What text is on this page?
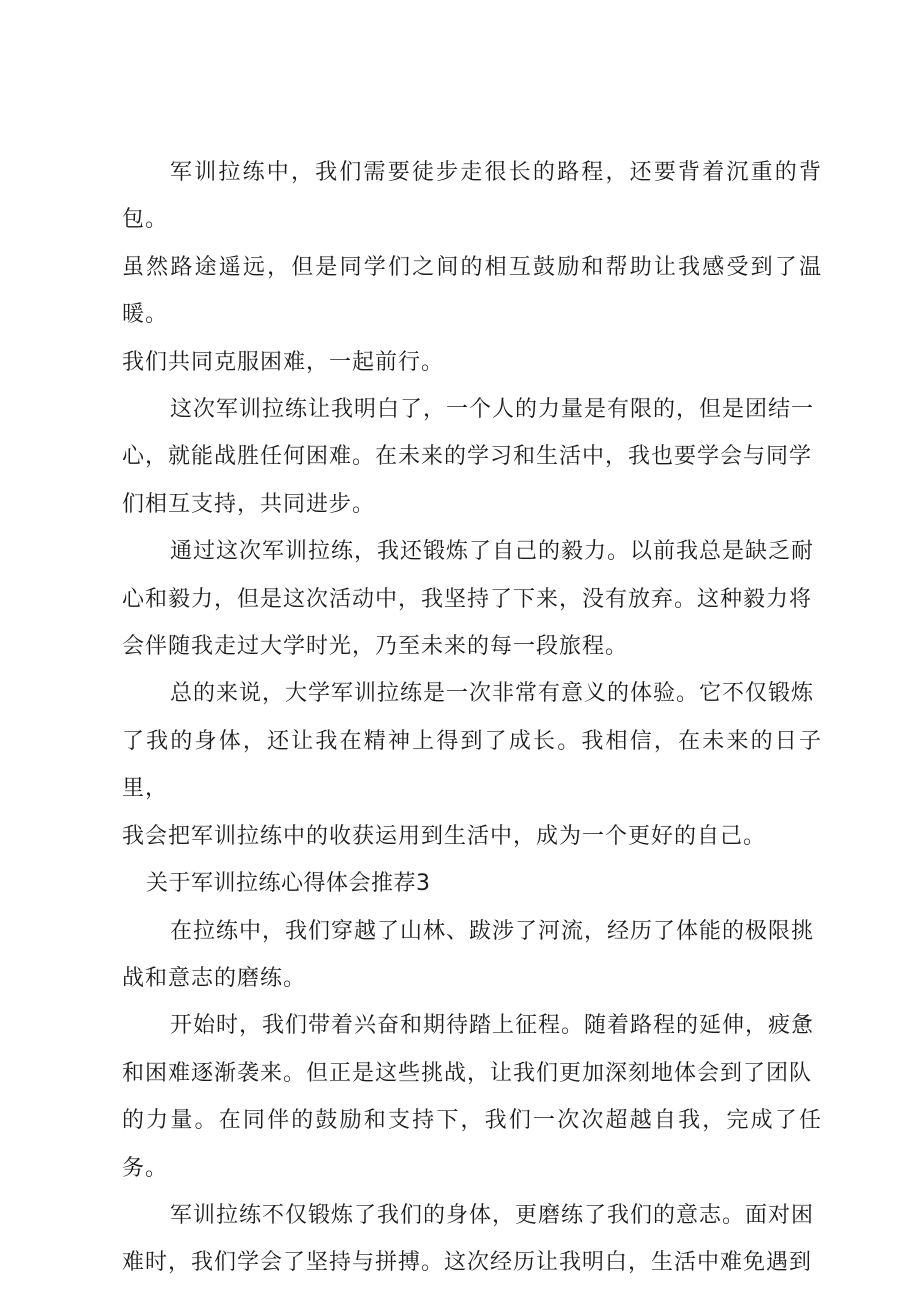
军训拉练中，我们需要徒步走很长的路程，还要背着沉重的背包。
虽然路途遥远，但是同学们之间的相互鼓励和帮助让我感受到了温暖。
我们共同克服困难，一起前行。

这次军训拉练让我明白了，一个人的力量是有限的，但是团结一
心，就能战胜任何困难。在未来的学习和生活中，我也要学会与同学
们相互支持，共同进步。

通过这次军训拉练，我还锻炼了自己的毅力。以前我总是缺乏耐
心和毅力，但是这次活动中，我坚持了下来，没有放弃。这种毅力将
会伴随我走过大学时光，乃至未来的每一段旅程。

总的来说，大学军训拉练是一次非常有意义的体验。它不仅锻炼
了我的身体，还让我在精神上得到了成长。我相信，在未来的日子里，
我会把军训拉练中的收获运用到生活中，成为一个更好的自己。

关于军训拉练心得体会推荐3

在拉练中，我们穿越了山林、跋涉了河流，经历了体能的极限挑
战和意志的磨练。

开始时，我们带着兴奋和期待踏上征程。随着路程的延伸，疲惫
和困难逐渐袭来。但正是这些挑战，让我们更加深刻地体会到了团队
的力量。在同伴的鼓励和支持下，我们一次次超越自我，完成了任务。

军训拉练不仅锻炼了我们的身体，更磨练了我们的意志。面对困
难时，我们学会了坚持与拼搏。这次经历让我明白，生活中难免遇到
